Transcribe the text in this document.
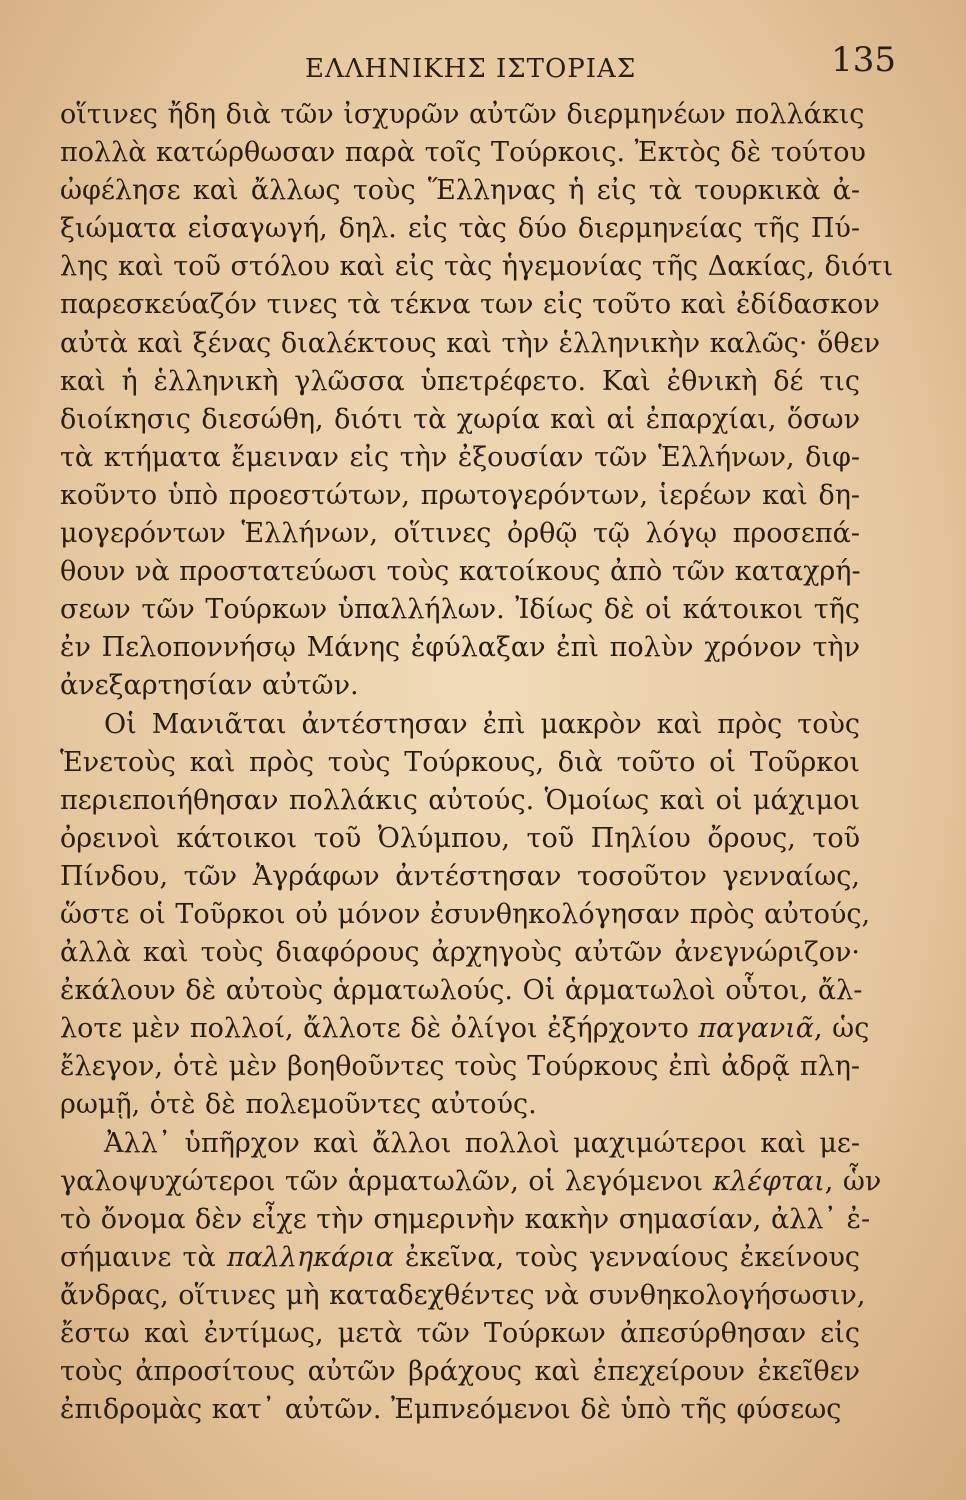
ΕΛΛΗΝΙΚΗΣ ΙΣΤΟΡΙΑΣ	135
οἵτινες ἤδη διὰ τῶν ἰσχυρῶν αὐτῶν διερμηνέων πολλάκις
πολλὰ κατώρθωσαν παρὰ τοῖς Τούρκοις. Ἐκτὸς δὲ τούτου
ὠφέλησε καὶ ἄλλως τοὺς Ἕλληνας ἡ εἰς τὰ τουρκικὰ ἀ-
ξιώματα εἰσαγωγή, δηλ. εἰς τὰς δύο διερμηνείας τῆς Πύ-
λης καὶ τοῦ στόλου καὶ εἰς τὰς ἡγεμονίας τῆς Δακίας, διότι
παρεσκεύαζόν τινες τὰ τέκνα των εἰς τοῦτο καὶ ἐδίδασκον
αὐτὰ καὶ ξένας διαλέκτους καὶ τὴν ἑλληνικὴν καλῶς· ὅθεν
καὶ ἡ ἑλληνικὴ γλῶσσα ὑπετρέφετο. Καὶ ἐθνικὴ δέ τις
διοίκησις διεσώθη, διότι τὰ χωρία καὶ αἱ ἐπαρχίαι, ὅσων
τὰ κτήματα ἔμειναν εἰς τὴν ἐξουσίαν τῶν Ἑλλήνων, διφ-
κοῦντο ὑπὸ προεστώτων, πρωτογερόντων, ἱερέων καὶ δη-
μογερόντων Ἑλλήνων, οἵτινες ὀρθῷ τῷ λόγῳ προσεπά-
θουν νὰ προστατεύωσι τοὺς κατοίκους ἀπὸ τῶν καταχρή-
σεων τῶν Τούρκων ὑπαλλήλων. Ἰδίως δὲ οἱ κάτοικοι τῆς
ἐν Πελοποννήσῳ Μάνης ἐφύλαξαν ἐπὶ πολὺν χρόνον τὴν
ἀνεξαρτησίαν αὐτῶν.
Οἱ Μανιᾶται ἀντέστησαν ἐπὶ μακρὸν καὶ πρὸς τοὺς
Ἑνετοὺς καὶ πρὸς τοὺς Τούρκους, διὰ τοῦτο οἱ Τοῦρκοι
περιεποιήθησαν πολλάκις αὐτούς. Ὁμοίως καὶ οἱ μάχιμοι
ὀρεινοὶ κάτοικοι τοῦ Ὀλύμπου, τοῦ Πηλίου ὄρους, τοῦ
Πίνδου, τῶν Ἀγράφων ἀντέστησαν τοσοῦτον γενναίως,
ὥστε οἱ Τοῦρκοι οὐ μόνον ἐσυνθηκολόγησαν πρὸς αὐτούς,
ἀλλὰ καὶ τοὺς διαφόρους ἀρχηγοὺς αὐτῶν ἀνεγνώριζον·
ἐκάλουν δὲ αὐτοὺς ἁρματωλούς. Οἱ ἁρματωλοὶ οὗτοι, ἄλ-
λοτε μὲν πολλοί, ἄλλοτε δὲ ὀλίγοι ἐξήρχοντο παγανιᾶ, ὡς
ἔλεγον, ὁτὲ μὲν βοηθοῦντες τοὺς Τούρκους ἐπὶ ἀδρᾷ πλη-
ρωμῇ, ὁτὲ δὲ πολεμοῦντες αὐτούς.
Ἀλλ᾽ ὑπῆρχον καὶ ἄλλοι πολλοὶ μαχιμώτεροι καὶ με-
γαλοψυχώτεροι τῶν ἁρματωλῶν, οἱ λεγόμενοι κλέφται, ὧν
τὸ ὄνομα δὲν εἶχε τὴν σημερινὴν κακὴν σημασίαν, ἀλλ᾽ ἐ-
σήμαινε τὰ παλληκάρια ἐκεῖνα, τοὺς γενναίους ἐκείνους
ἄνδρας, οἵτινες μὴ καταδεχθέντες νὰ συνθηκολογήσωσιν,
ἔστω καὶ ἐντίμως, μετὰ τῶν Τούρκων ἀπεσύρθησαν εἰς
τοὺς ἀπροσίτους αὐτῶν βράχους καὶ ἐπεχείρουν ἐκεῖθεν
ἐπιδρομὰς κατ᾽ αὐτῶν. Ἐμπνεόμενοι δὲ ὑπὸ τῆς φύσεως
